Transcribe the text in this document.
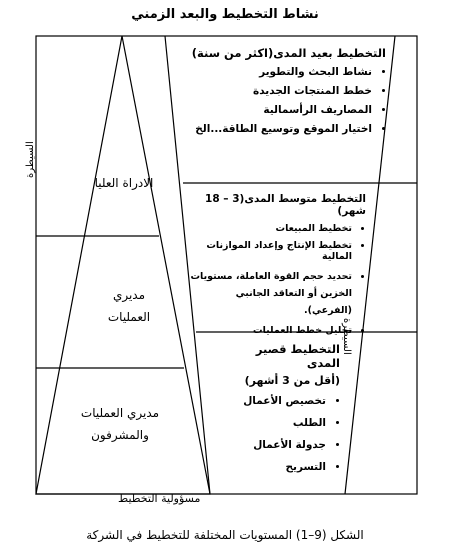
نشاط التخطيط والبعد الزمني
الادراة العليا
مديري العمليات
مديري العمليات والمشرفون
التخطيط بعيد المدى(اكثر من سنة)
• نشاط البحث والتطوير
• خطط المنتجات الجديدة
• المصاريف الرأسمالية
• اختيار الموقع وتوسيع الطاقة...الخ
التخطيط متوسط المدى(3 – 18 شهر)
• تخطيط المبيعات
• تخطيط الإنتاج وإعداد الموازنات المالية
• تحديد حجم القوة العاملة، مستويات الخزين أو التعاقد الجانبي (الفرعي).
• تحليل خطط العمليات
التخطيط قصير المدى
(أقل من 3 أشهر)
• تخصيص الأعمال
• الطلب
• جدولة الأعمال
• التسريح
السيطرة
السيطرة
مسؤولية التخطيط
الشكل (9–1) المستويات المختلفة للتخطيط في الشركة
